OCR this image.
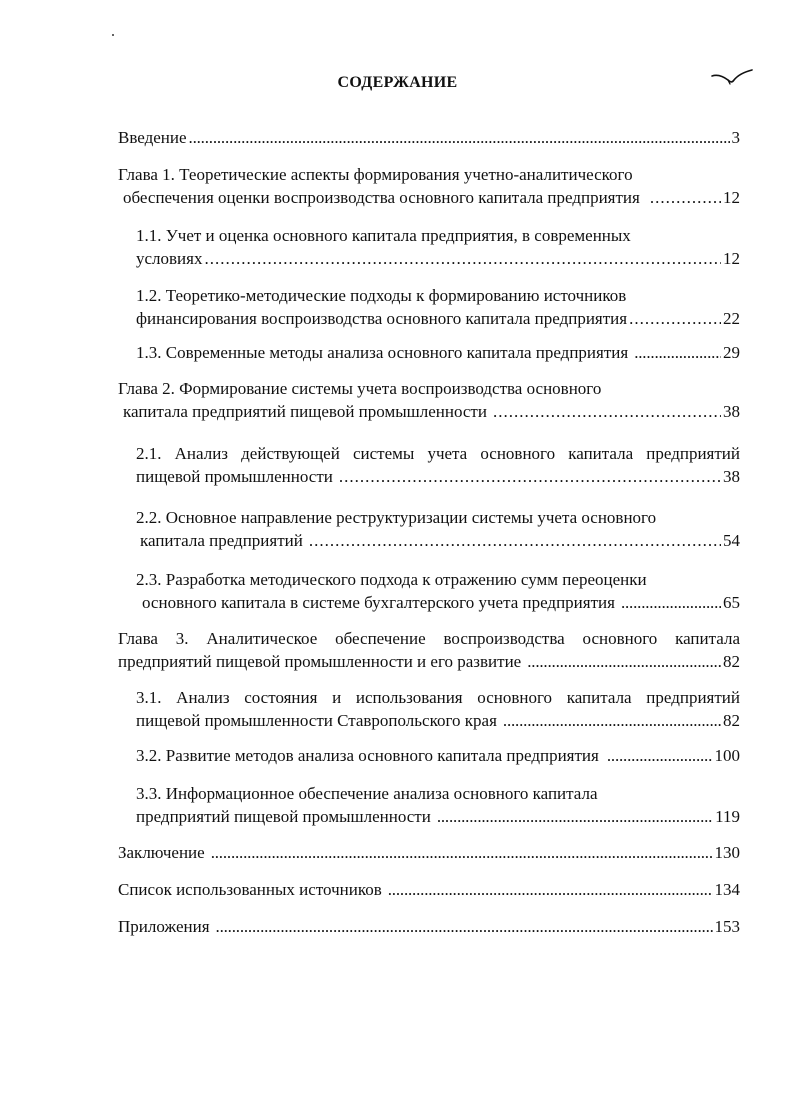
СОДЕРЖАНИЕ
Введение .....	3
Глава 1. Теоретические аспекты формирования учетно-аналитического
обеспечения оценки воспроизводства основного капитала предприятия .....	12
1.1. Учет и оценка основного капитала предприятия, в современных
условиях .....	12
1.2. Теоретико-методические подходы к формированию источников
финансирования воспроизводства основного капитала предприятия .....	22
1.3. Современные методы анализа основного капитала предприятия .....	29
Глава 2. Формирование системы учета воспроизводства основного
капитала предприятий пищевой промышленности .....	38
2.1. Анализ действующей системы учета основного капитала предприятий
пищевой промышленности .....	38
2.2. Основное направление реструктуризации системы учета основного
капитала предприятий .....	54
2.3. Разработка методического подхода к отражению сумм переоценки
основного капитала в системе бухгалтерского учета предприятия .....	65
Глава 3. Аналитическое обеспечение воспроизводства основного капитала
предприятий пищевой промышленности и его развитие .....	82
3.1. Анализ состояния и использования основного капитала предприятий
пищевой промышленности Ставропольского края .....	82
3.2. Развитие методов анализа основного капитала предприятия .....	100
3.3. Информационное обеспечение анализа основного капитала
предприятий пищевой промышленности .....	119
Заключение .....	130
Список использованных источников .....	134
Приложения .....	153
